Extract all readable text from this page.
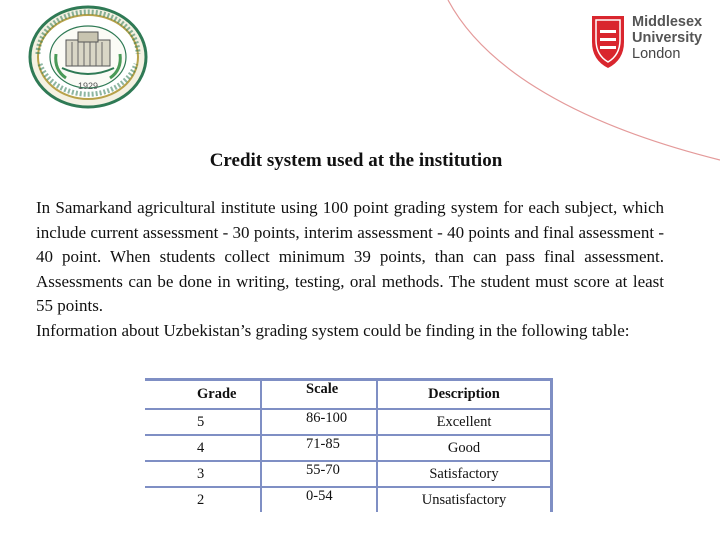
1929
Middlesex
University
London
Credit system used at the institution

In Samarkand agricultural institute using 100 point grading system for each subject, which include current assessment - 30 points, interim assessment - 40 points and final assessment - 40 point. When students collect minimum 39 points, than can pass final assessment. Assessments can be done in writing, testing, oral methods. The student must score at least 55 points.

Information about Uzbekistan’s grading system could be finding in the following table:

Grade	Scale	Description
5	86-100	Excellent
4	71-85	Good
3	55-70	Satisfactory
2	0-54	Unsatisfactory
